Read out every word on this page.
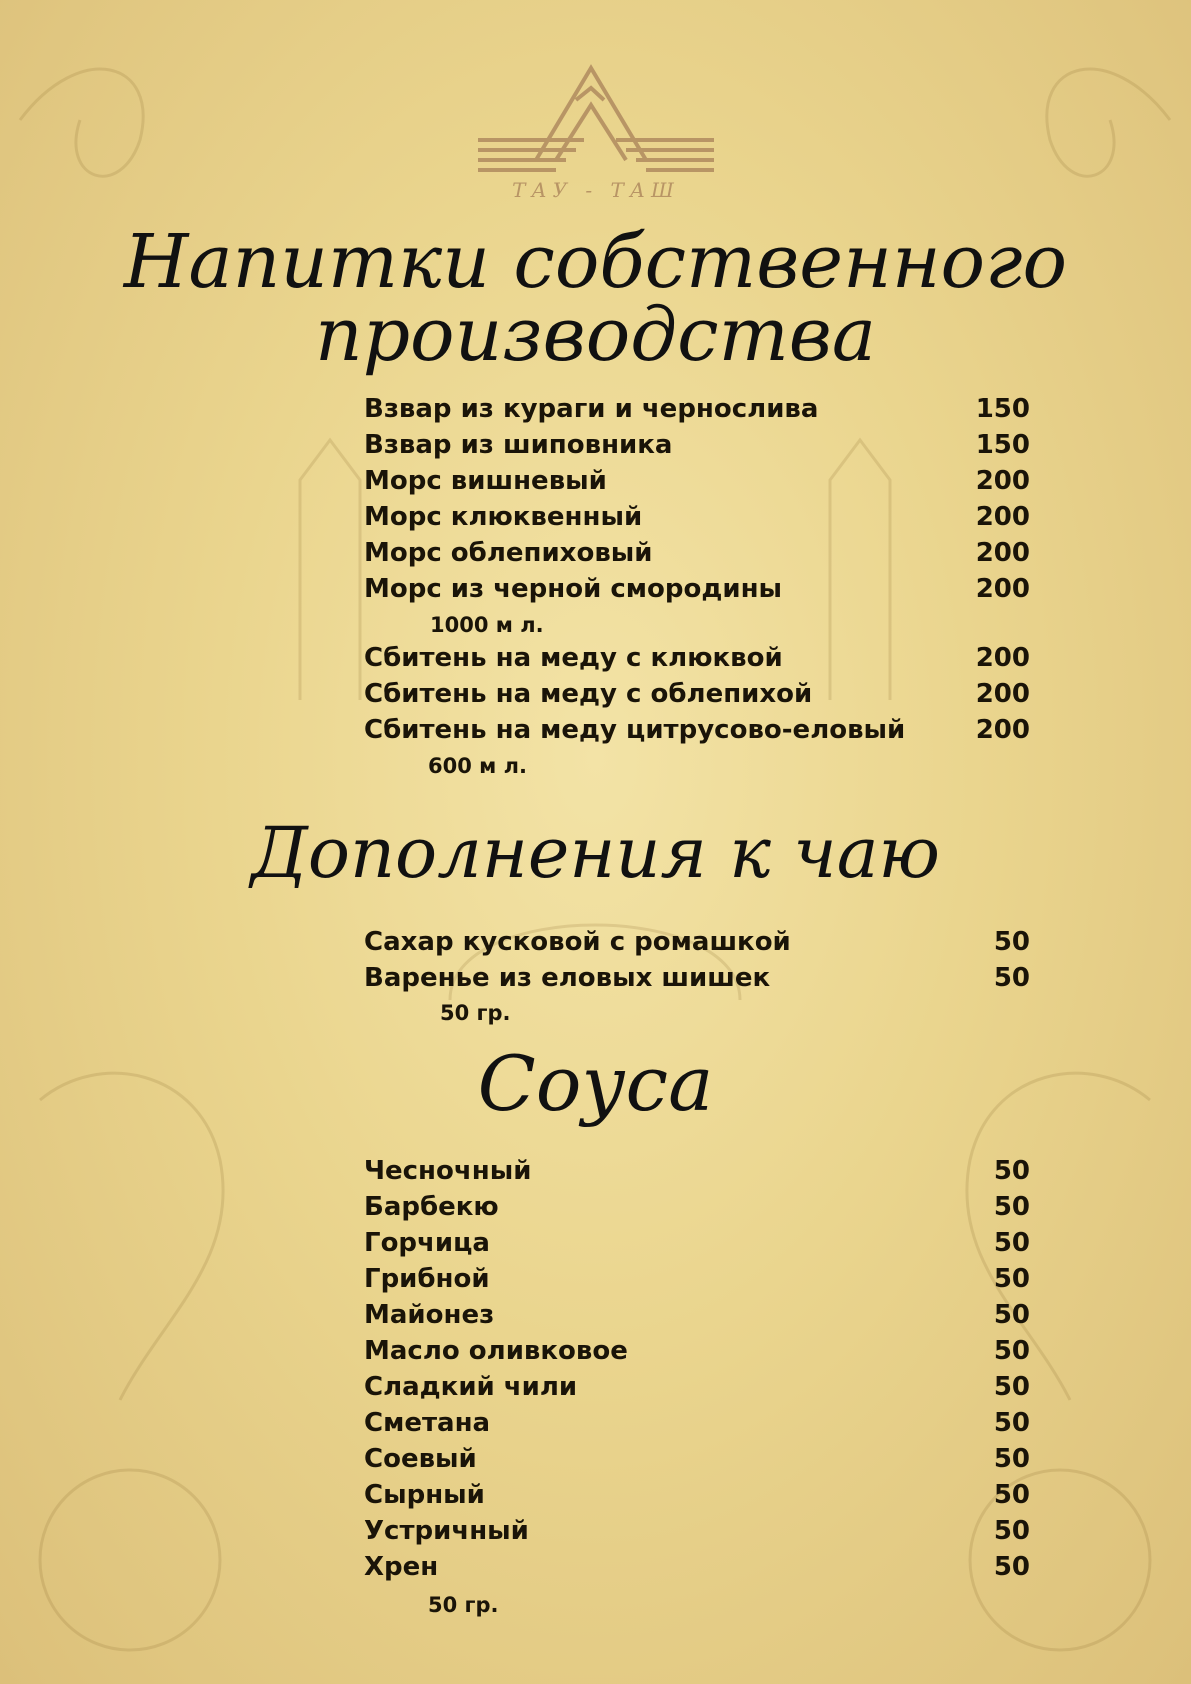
ТАУ - ТАШ
Напитки собственного
производства
Взвар из кураги и чернослива	150
Взвар из шиповника	150
Морс вишневый	200
Морс клюквенный	200
Морс облепиховый	200
Морс из черной смородины	200
1000 м л.
Сбитень на меду с клюквой	200
Сбитень на меду с облепихой	200
Сбитень на меду цитрусово-еловый	200
600 м л.
Дополнения к чаю
Сахар кусковой с ромашкой	50
Варенье из еловых шишек	50
50 гр.
Соуса
Чесночный	50
Барбекю	50
Горчица	50
Грибной	50
Майонез	50
Масло оливковое	50
Сладкий чили	50
Сметана	50
Соевый	50
Сырный	50
Устричный	50
Хрен	50
50 гр.
